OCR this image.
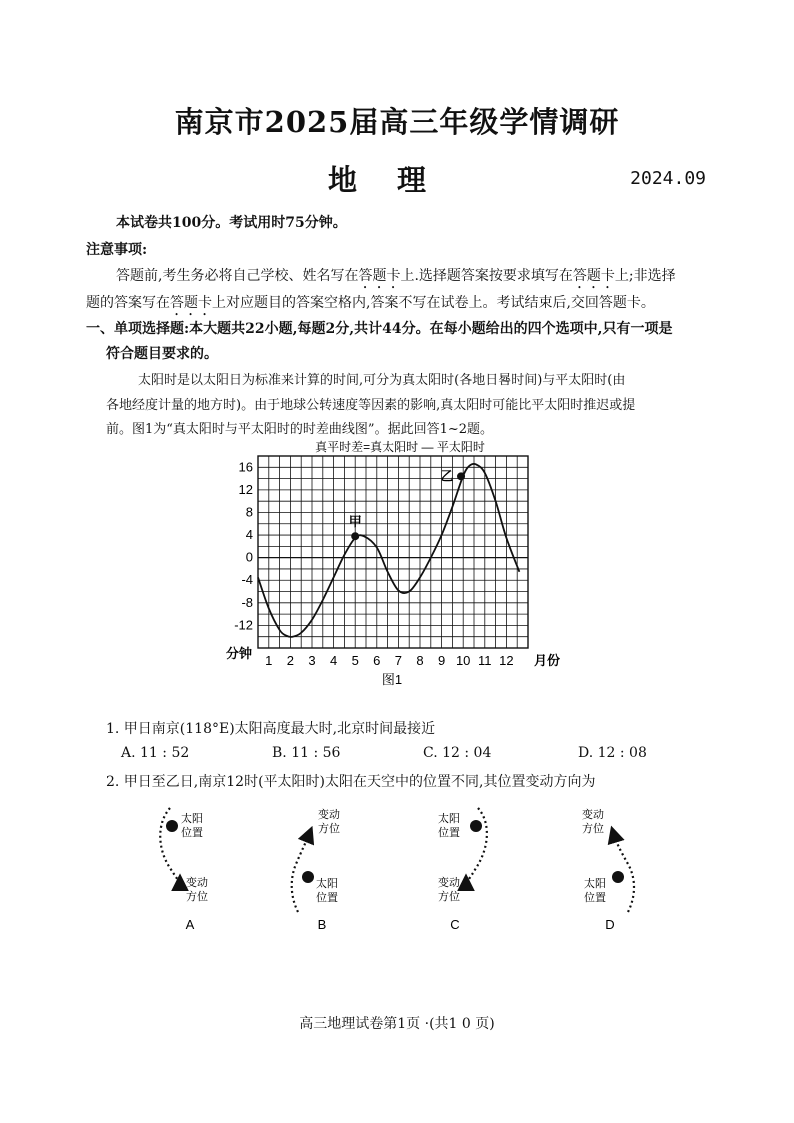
南京市2025届高三年级学情调研
地理	2024.09
本试卷共100分。考试用时75分钟。
注意事项:
答题前,考生务必将自己学校、姓名写在答题卡上.选择题答案按要求填写在答题卡上;非选择
题的答案写在答题卡上对应题目的答案空格内,答案不写在试卷上。考试结束后,交回答题卡。
一、单项选择题:本大题共22小题,每题2分,共计44分。在每小题给出的四个选项中,只有一项是
符合题目要求的。
太阳时是以太阳日为标准来计算的时间,可分为真太阳时(各地日晷时间)与平太阳时(由
各地经度计量的地方时)。由于地球公转速度等因素的影响,真太阳时可能比平太阳时推迟或提
前。图1为“真太阳时与平太阳时的时差曲线图”。据此回答1~2题。
真平时差=真太阳时 — 平太阳时
16
12
8
4
0
-4
-8
-12
1 2 3 4 5 6 7 8 9 10 11 12
甲
乙
分钟	月份
图1
1. 甲日南京(118°E)太阳高度最大时,北京时间最接近
A. 11 : 52	B. 11 : 56	C. 12 : 04	D. 12 : 08
2. 甲日至乙日,南京12时(平太阳时)太阳在天空中的位置不同,其位置变动方向为
太阳
位置
变动
方位
A
变动
方位
太阳
位置
B
太阳
位置
变动
方位
C
变动
方位
太阳
位置
D
高三地理试卷第1页 ·(共1 0 页)
